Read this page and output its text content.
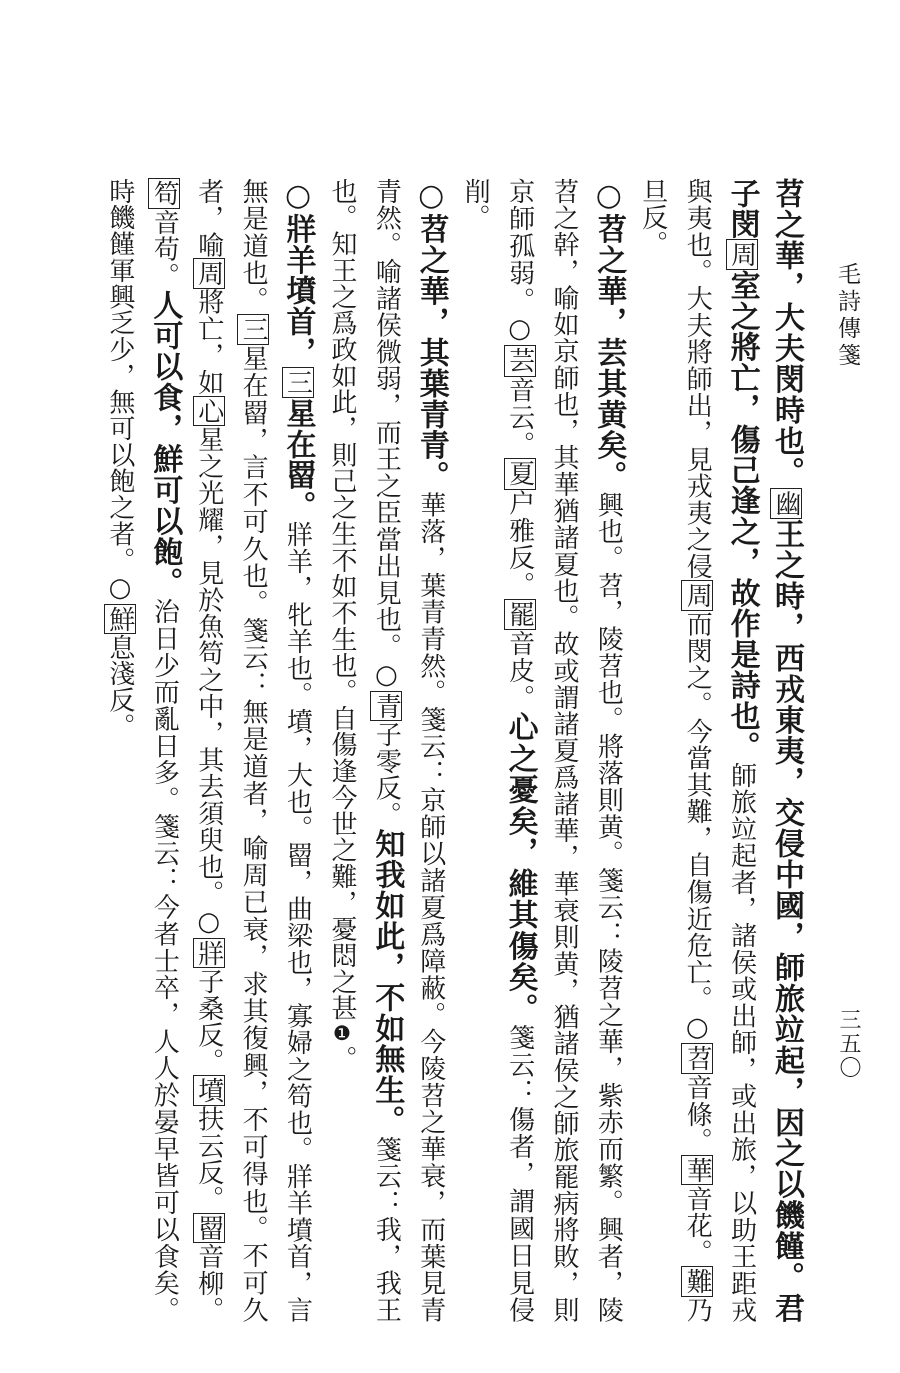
毛詩傳箋
三五〇

苕之華，大夫閔時也。幽王之時，西戎東夷，交侵中國，師旅竝起，因之以饑饉。君子閔周室之將亡，傷己逢之，故作是詩也。師旅竝起者，諸侯或出師，或出旅，以助王距戎與夷也。大夫將師出，見戎夷之侵周而閔之。今當其難，自傷近危亡。○苕音條。華音花。難乃旦反。

○苕之華，芸其黄矣。興也。苕，陵苕也。將落則黄。箋云：陵苕之華，紫赤而繁。興者，陵苕之幹，喻如京師也，其華猶諸夏也。故或謂諸夏爲諸華，華衰則黄，猶諸侯之師旅罷病將敗，則京師孤弱。○芸音云。夏户雅反。罷音皮。心之憂矣，維其傷矣。箋云：傷者，謂國日見侵削。

○苕之華，其葉青青。華落，葉青青然。箋云：京師以諸夏爲障蔽。今陵苕之華衰，而葉見青青然。喻諸侯微弱，而王之臣當出見也。○青子零反。知我如此，不如無生。箋云：我，我王也。知王之爲政如此，則己之生不如不生也。自傷逢今世之難，憂悶之甚❶。

○牂羊墳首，三星在罶。牂羊，牝羊也。墳，大也。罶，曲梁也，寡婦之笱也。牂羊墳首，言無是道也。三星在罶，言不可久也。箋云：無是道者，喻周已衰，求其復興，不可得也。不可久者，喻周將亡，如心星之光耀，見於魚笱之中，其去須臾也。○牂子桑反。墳扶云反。罶音柳。笱音苟。人可以食，鮮可以飽。治日少而亂日多。箋云：今者士卒，人人於晏早皆可以食矣。時饑饉軍興乏少，無可以飽之者。○鮮息淺反。
